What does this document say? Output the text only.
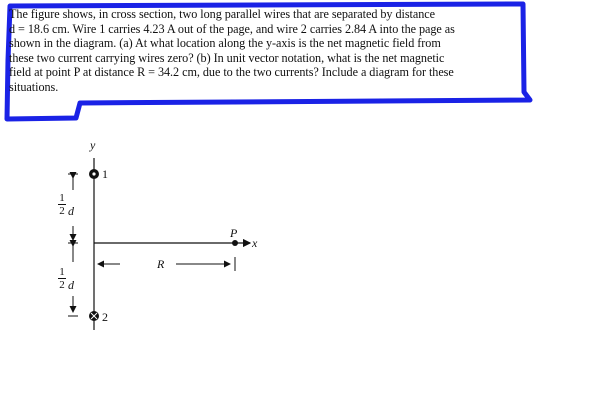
The figure shows, in cross section, two long parallel wires that are separated by distance
d = 18.6 cm. Wire 1 carries 4.23 A out of the page, and wire 2 carries 2.84 A into the page as
shown in the diagram. (a) At what location along the y-axis is the net magnetic field from
these two current carrying wires zero? (b) In unit vector notation, what is the net magnetic
field at point P at distance R = 34.2 cm, due to the two currents? Include a diagram for these
situations.
y
1
2
P
x
R
1
2 d
1
2 d
